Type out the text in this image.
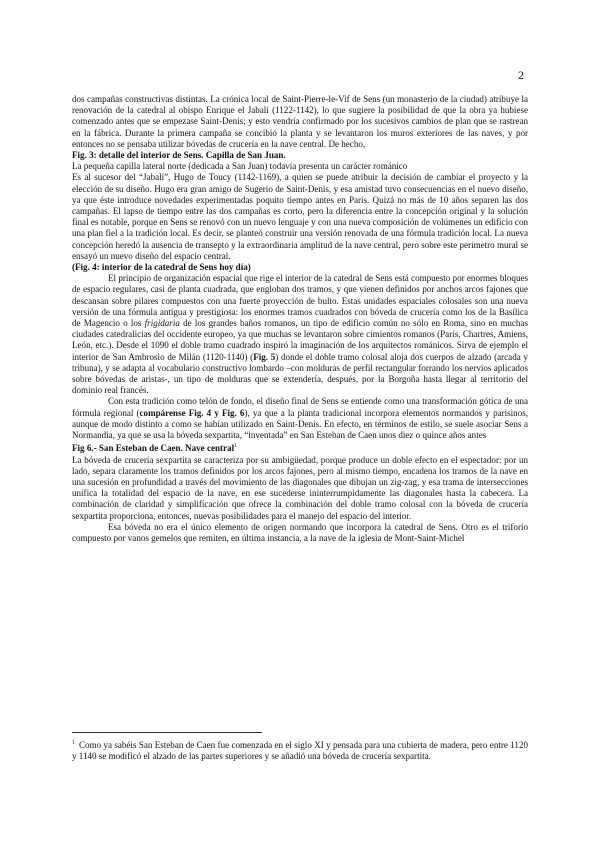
2

dos campañas constructivas distintas. La crónica local de Saint-Pierre-le-Vif de Sens (un monasterio de la ciudad) atribuye la renovación de la catedral al obispo Enrique el Jabalí (1122-1142), lo que sugiere la posibilidad de que la obra ya hubiese comenzado antes que se empezase Saint-Denis; y esto vendría confirmado por los sucesivos cambios de plan que se rastrean en la fábrica. Durante la primera campaña se concibió la planta y se levantaron los muros exteriores de las naves, y por entonces no se pensaba utilizar bóvedas de crucería en la nave central. De hecho,

Fig. 3: detalle del interior de Sens. Capilla de San Juan.

La pequeña capilla lateral norte (dedicada a San Juan) todavía presenta un carácter románico

Es al sucesor del “Jabalí”, Hugo de Toucy (1142-1169), a quien se puede atribuir la decisión de cambiar el proyecto y la elección de su diseño. Hugo era gran amigo de Sugerio de Saint-Denis, y esa amistad tuvo consecuencias en el nuevo diseño, ya que éste introduce novedades experimentadas poquito tiempo antes en París. Quizá no más de 10 años separen las dos campañas. El lapso de tiempo entre las dos campañas es corto, pero la diferencia entre la concepción original y la solución final es notable, porque en Sens se renovó con un nuevo lenguaje y con una nueva composición de volúmenes un edificio con una plan fiel a la tradición local. Es decir, se planteó construir una versión renovada de una fórmula tradición local. La nueva concepción heredó la ausencia de transepto y la extraordinaria amplitud de la nave central, pero sobre este perímetro mural se ensayó un nuevo diseño del espacio central.

(Fig. 4: interior de la catedral de Sens hoy día)

El principio de organización espacial que rige el interior de la catedral de Sens está compuesto por enormes bloques de espacio regulares, casi de planta cuadrada, que engloban dos tramos, y que vienen definidos por anchos arcos fajones que descansan sobre pilares compuestos con una fuerte proyección de bulto. Estas unidades espaciales colosales son una nueva versión de una fórmula antigua y prestigiosa: los enormes tramos cuadrados con bóveda de crucería como los de la Basílica de Magencio o los frigidaria de los grandes baños romanos, un tipo de edificio común no sólo en Roma, sino en muchas ciudades catedralicias del occidente europeo, ya que muchas se levantaron sobre cimientos romanos (París, Chartres, Amiens, León, etc.). Desde el 1090 el doble tramo cuadrado inspiró la imaginación de los arquitectos románicos. Sirva de ejemplo el interior de San Ambrosio de Milán (1120-1140) (Fig. 5) donde el doble tramo colosal aloja dos cuerpos de alzado (arcada y tribuna), y se adapta al vocabulario constructivo lombardo –con molduras de perfil rectangular forrando los nervios aplicados sobre bóvedas de aristas-, un tipo de molduras que se extendería, después, por la Borgoña hasta llegar al territorio del dominio real francés.

Con esta tradición como telón de fondo, el diseño final de Sens se entiende como una transformación gótica de una fórmula regional (compárense Fig. 4 y Fig. 6), ya que a la planta tradicional incorpora elementos normandos y parisinos, aunque de modo distinto a como se habían utilizado en Saint-Denis. En efecto, en términos de estilo, se suele asociar Sens a Normandía, ya que se usa la bóveda sexpartita, “inventada” en San Esteban de Caen unos diez o quince años antes

Fig 6.- San Esteban de Caen. Nave central$^1$

La bóveda de crucería sexpartita se caracteriza por su ambigüedad, porque produce un doble efecto en el espectador: por un lado, separa claramente los tramos definidos por los arcos fajones, pero al mismo tiempo, encadena los tramos de la nave en una sucesión en profundidad a través del movimiento de las diagonales que dibujan un zig-zag, y esa trama de intersecciones unifica la totalidad del espacio de la nave, en ese sucederse ininterrumpidamente las diagonales hasta la cabecera. La combinación de claridad y simplificación que ofrece la combinación del doble tramo colosal con la bóveda de crucería sexpartita proporciona, entonces, nuevas posibilidades para el manejo del espacio del interior.

Esa bóveda no era el único elemento de origen normando que incorpora la catedral de Sens. Otro es el triforio compuesto por vanos gemelos que remiten, en última instancia, a la nave de la iglesia de Mont-Saint-Michel

$^1$ Como ya sabéis San Esteban de Caen fue comenzada en el siglo XI y pensada para una cubierta de madera, pero entre 1120 y 1140 se modificó el alzado de las partes superiores y se añadió una bóveda de crucería sexpartita.
